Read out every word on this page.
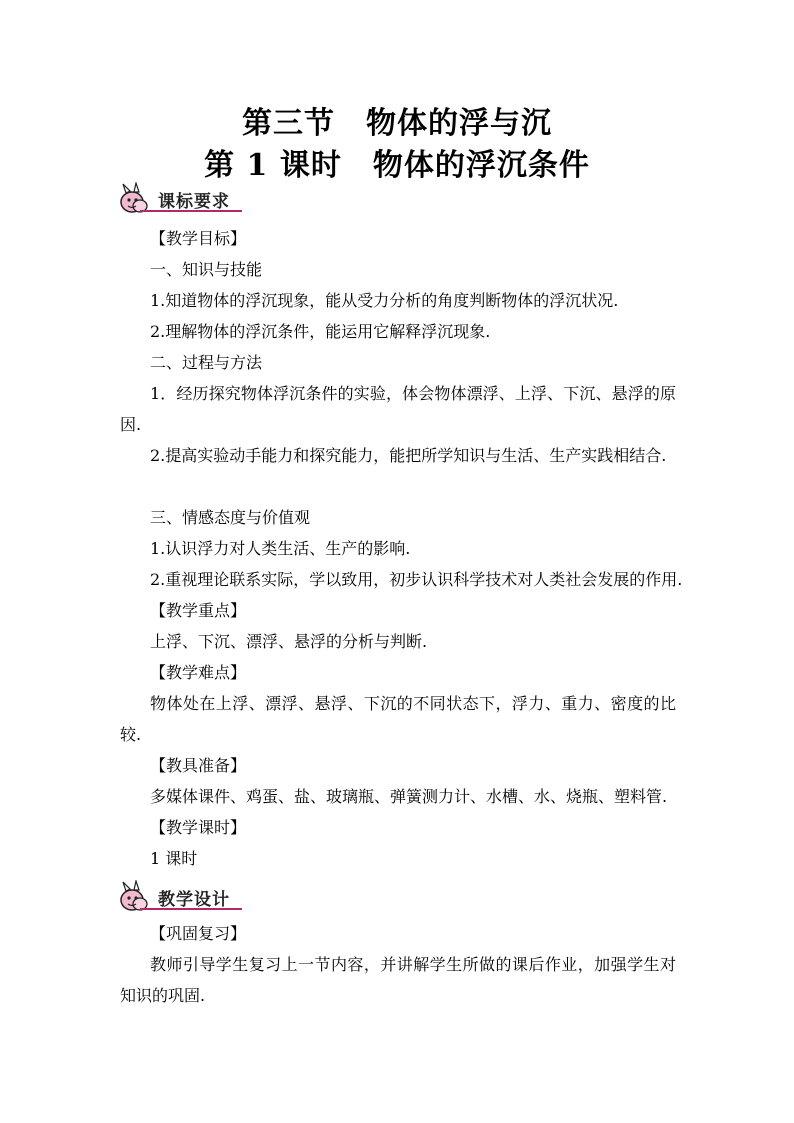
第三节　物体的浮与沉
第 1 课时　物体的浮沉条件
课标要求
【教学目标】
一、知识与技能
1.知道物体的浮沉现象，能从受力分析的角度判断物体的浮沉状况.
2.理解物体的浮沉条件，能运用它解释浮沉现象.
二、过程与方法
1．经历探究物体浮沉条件的实验，体会物体漂浮、上浮、下沉、悬浮的原因.
2.提高实验动手能力和探究能力，能把所学知识与生活、生产实践相结合.
三、情感态度与价值观
1.认识浮力对人类生活、生产的影响.
2.重视理论联系实际，学以致用，初步认识科学技术对人类社会发展的作用.
【教学重点】
上浮、下沉、漂浮、悬浮的分析与判断.
【教学难点】
物体处在上浮、漂浮、悬浮、下沉的不同状态下，浮力、重力、密度的比较.
【教具准备】
多媒体课件、鸡蛋、盐、玻璃瓶、弹簧测力计、水槽、水、烧瓶、塑料管.
【教学课时】
1 课时
教学设计
【巩固复习】
教师引导学生复习上一节内容，并讲解学生所做的课后作业，加强学生对知识的巩固.
